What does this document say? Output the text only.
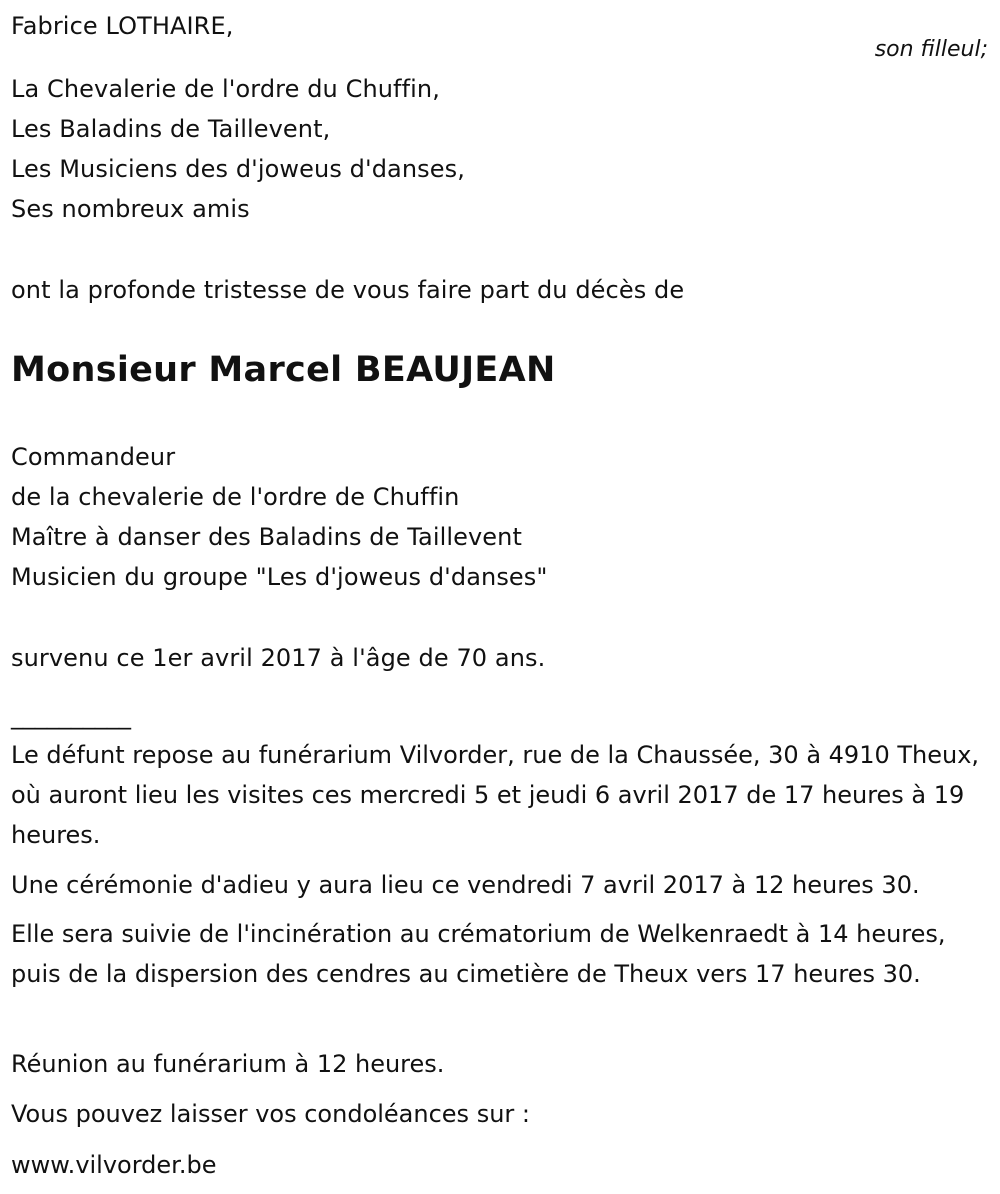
Fabrice LOTHAIRE,
son filleul;
La Chevalerie de l'ordre du Chuffin,
Les Baladins de Taillevent,
Les Musiciens des d'joweus d'danses,
Ses nombreux amis
ont la profonde tristesse de vous faire part du décès de
Monsieur Marcel BEAUJEAN
Commandeur
de la chevalerie de l'ordre de Chuffin
Maître à danser des Baladins de Taillevent
Musicien du groupe "Les d'joweus d'danses"
survenu ce 1er avril 2017 à l'âge de 70 ans.
__________
Le défunt repose au funérarium Vilvorder, rue de la Chaussée, 30 à 4910 Theux, où auront lieu les visites ces mercredi 5 et jeudi 6 avril 2017 de 17 heures à 19 heures.
Une cérémonie d'adieu y aura lieu ce vendredi 7 avril 2017 à 12 heures 30.
Elle sera suivie de l'incinération au crématorium de Welkenraedt à 14 heures, puis de la dispersion des cendres au cimetière de Theux vers 17 heures 30.
Réunion au funérarium à 12 heures.
Vous pouvez laisser vos condoléances sur :
www.vilvorder.be
